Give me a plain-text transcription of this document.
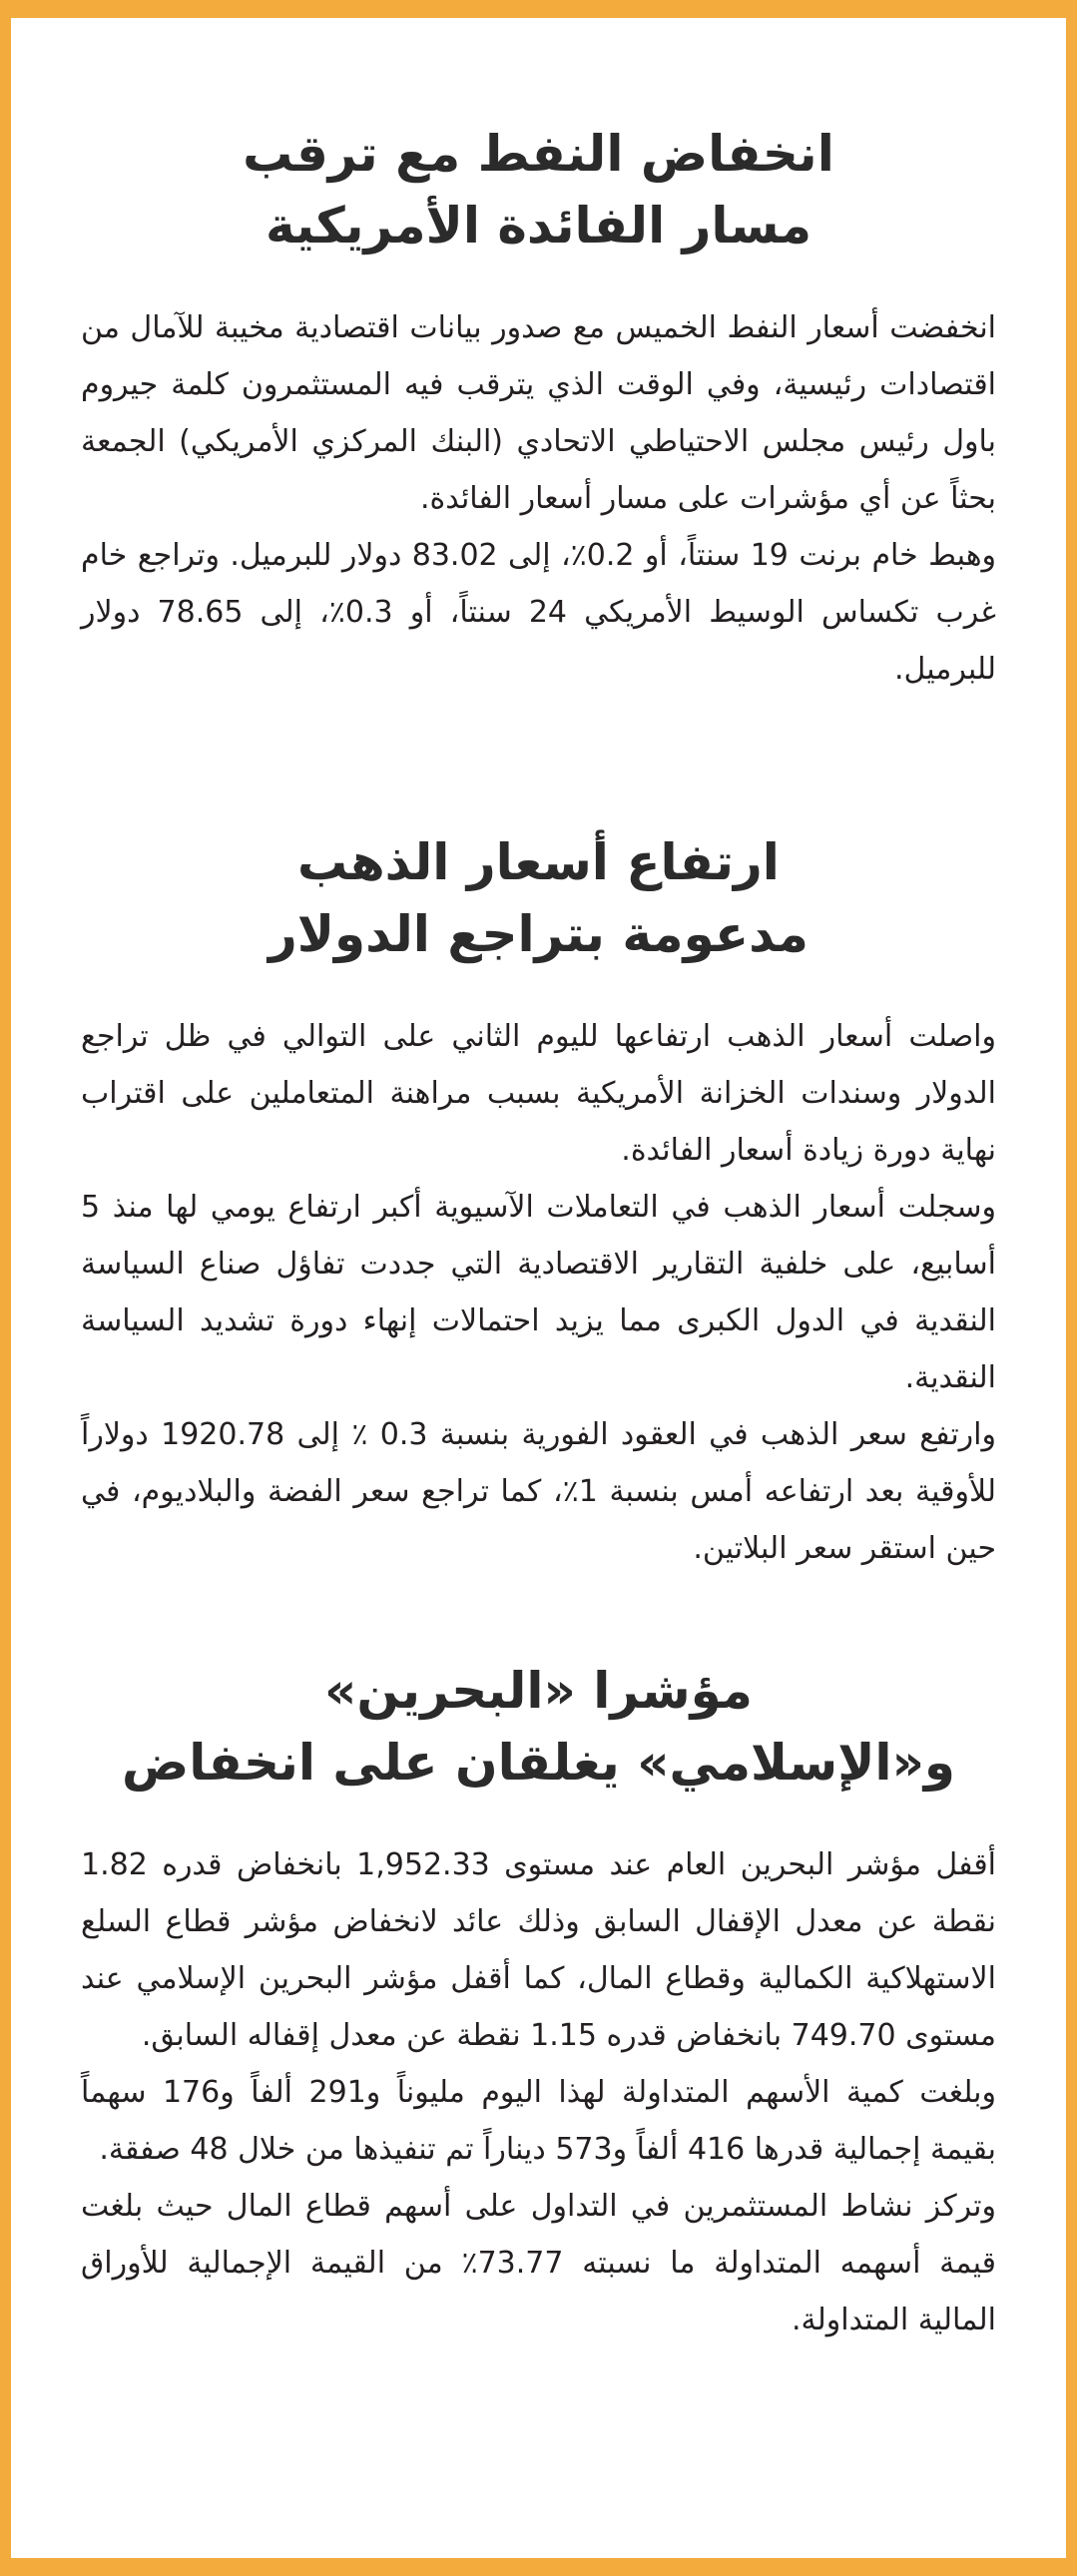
انخفاض النفط مع ترقب
مسار الفائدة الأمريكية

انخفضت أسعار النفط الخميس مع صدور بيانات اقتصادية مخيبة للآمال من اقتصادات رئيسية، وفي الوقت الذي يترقب فيه المستثمرون كلمة جيروم باول رئيس مجلس الاحتياطي الاتحادي (البنك المركزي الأمريكي) الجمعة بحثاً عن أي مؤشرات على مسار أسعار الفائدة.

وهبط خام برنت 19 سنتاً، أو 0.2٪، إلى 83.02 دولار للبرميل. وتراجع خام غرب تكساس الوسيط الأمريكي 24 سنتاً، أو 0.3٪، إلى 78.65 دولار للبرميل.

ارتفاع أسعار الذهب
مدعومة بتراجع الدولار

واصلت أسعار الذهب ارتفاعها لليوم الثاني على التوالي في ظل تراجع الدولار وسندات الخزانة الأمريكية بسبب مراهنة المتعاملين على اقتراب نهاية دورة زيادة أسعار الفائدة.

وسجلت أسعار الذهب في التعاملات الآسيوية أكبر ارتفاع يومي لها منذ 5 أسابيع، على خلفية التقارير الاقتصادية التي جددت تفاؤل صناع السياسة النقدية في الدول الكبرى مما يزيد احتمالات إنهاء دورة تشديد السياسة النقدية.

وارتفع سعر الذهب في العقود الفورية بنسبة 0.3 ٪ إلى 1920.78 دولاراً للأوقية بعد ارتفاعه أمس بنسبة 1٪، كما تراجع سعر الفضة والبلاديوم، في حين استقر سعر البلاتين.

مؤشرا «البحرين»
و«الإسلامي» يغلقان على انخفاض

أقفل مؤشر البحرين العام عند مستوى 1,952.33 بانخفاض قدره 1.82 نقطة عن معدل الإقفال السابق وذلك عائد لانخفاض مؤشر قطاع السلع الاستهلاكية الكمالية وقطاع المال، كما أقفل مؤشر البحرين الإسلامي عند مستوى 749.70 بانخفاض قدره 1.15 نقطة عن معدل إقفاله السابق.

وبلغت كمية الأسهم المتداولة لهذا اليوم مليوناً و291 ألفاً و176 سهماً بقيمة إجمالية قدرها 416 ألفاً و573 ديناراً تم تنفيذها من خلال 48 صفقة.

وتركز نشاط المستثمرين في التداول على أسهم قطاع المال حيث بلغت قيمة أسهمه المتداولة ما نسبته 73.77٪ من القيمة الإجمالية للأوراق المالية المتداولة.
